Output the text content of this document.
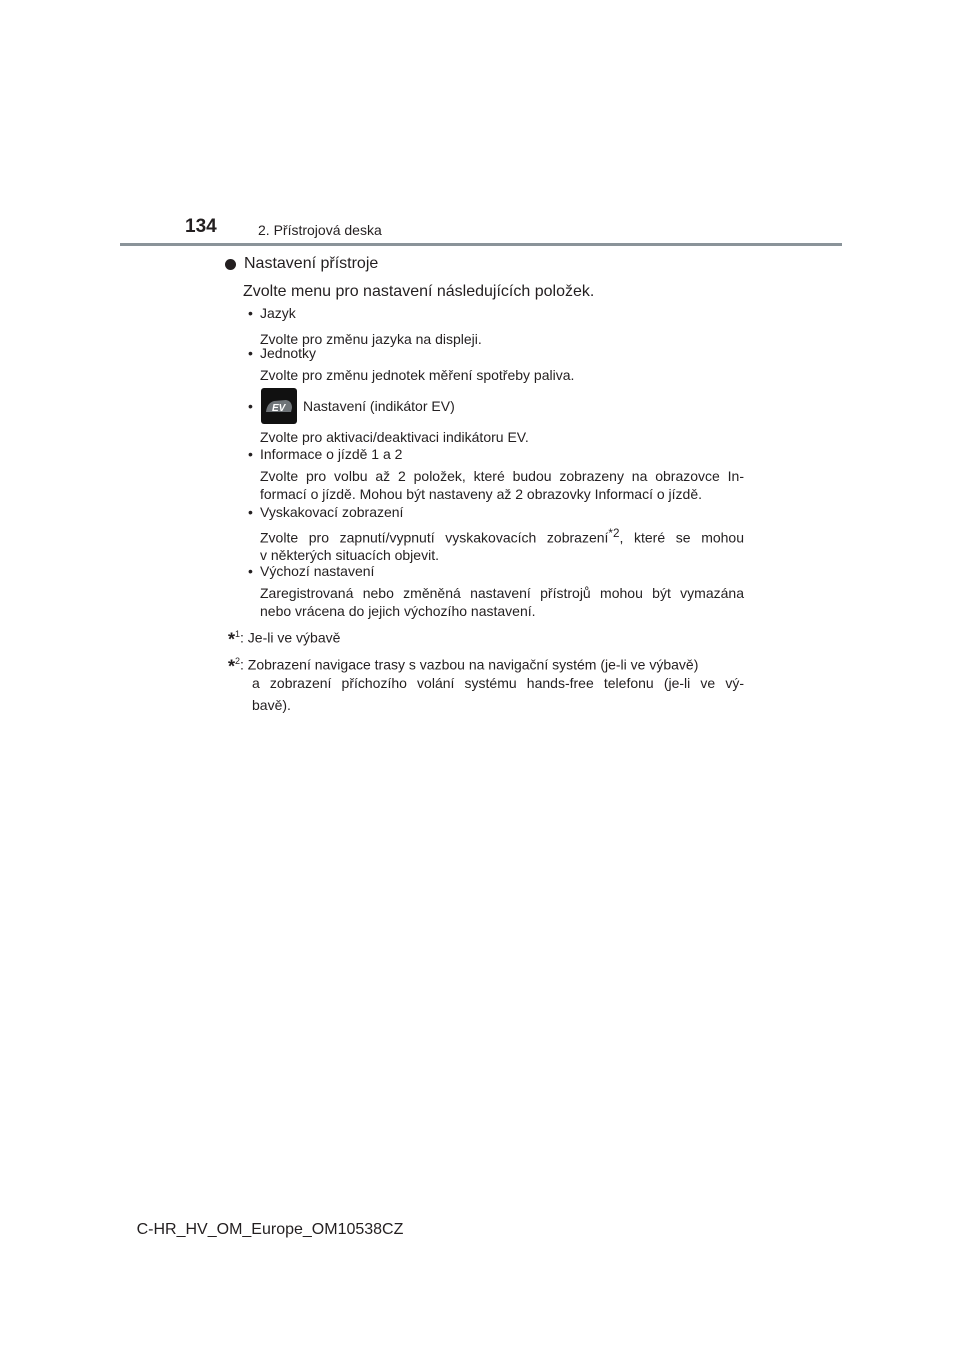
134	2. Přístrojová deska
Nastavení přístroje
Zvolte menu pro nastavení následujících položek.
• Jazyk
Zvolte pro změnu jazyka na displeji.
• Jednotky
Zvolte pro změnu jednotek měření spotřeby paliva.
•	EV Nastavení (indikátor EV)
Zvolte pro aktivaci/deaktivaci indikátoru EV.
• Informace o jízdě 1 a 2
Zvolte pro volbu až 2 položek, které budou zobrazeny na obrazovce In-
formací o jízdě. Mohou být nastaveny až 2 obrazovky Informací o jízdě.
• Vyskakovací zobrazení
Zvolte pro zapnutí/vypnutí vyskakovacích zobrazení$^{*2}$, které se mohou
v některých situacích objevit.
• Výchozí nastavení
Zaregistrovaná nebo změněná nastavení přístrojů mohou být vymazána
nebo vrácena do jejich výchozího nastavení.
*$^1$: Je-li ve výbavě
*$^2$: Zobrazení navigace trasy s vazbou na navigační systém (je-li ve výbavě)
a zobrazení příchozího volání systému hands-free telefonu (je-li ve vý-
bavě).
C-HR_HV_OM_Europe_OM10538CZ
